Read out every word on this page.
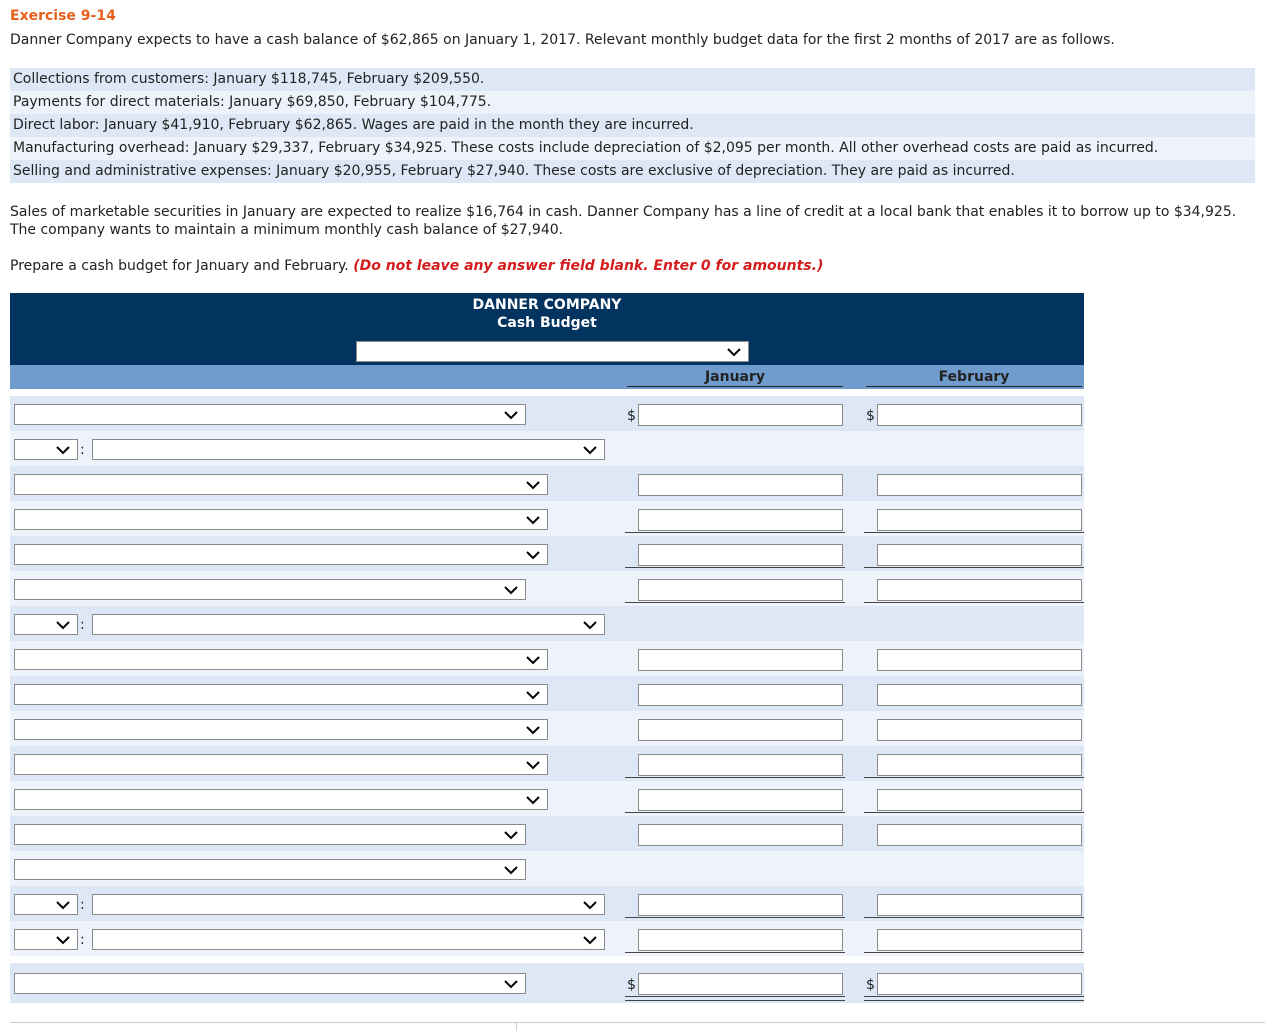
Exercise 9-14
Danner Company expects to have a cash balance of $62,865 on January 1, 2017. Relevant monthly budget data for the first 2 months of 2017 are as follows.
Collections from customers: January $118,745, February $209,550.
Payments for direct materials: January $69,850, February $104,775.
Direct labor: January $41,910, February $62,865. Wages are paid in the month they are incurred.
Manufacturing overhead: January $29,337, February $34,925. These costs include depreciation of $2,095 per month. All other overhead costs are paid as incurred.
Selling and administrative expenses: January $20,955, February $27,940. These costs are exclusive of depreciation. They are paid as incurred.
Sales of marketable securities in January are expected to realize $16,764 in cash. Danner Company has a line of credit at a local bank that enables it to borrow up to $34,925. The company wants to maintain a minimum monthly cash balance of $27,940.
Prepare a cash budget for January and February. (Do not leave any answer field blank. Enter 0 for amounts.)
DANNER COMPANY
Cash Budget
January	February
$	$
:
:
:
:
$	$
